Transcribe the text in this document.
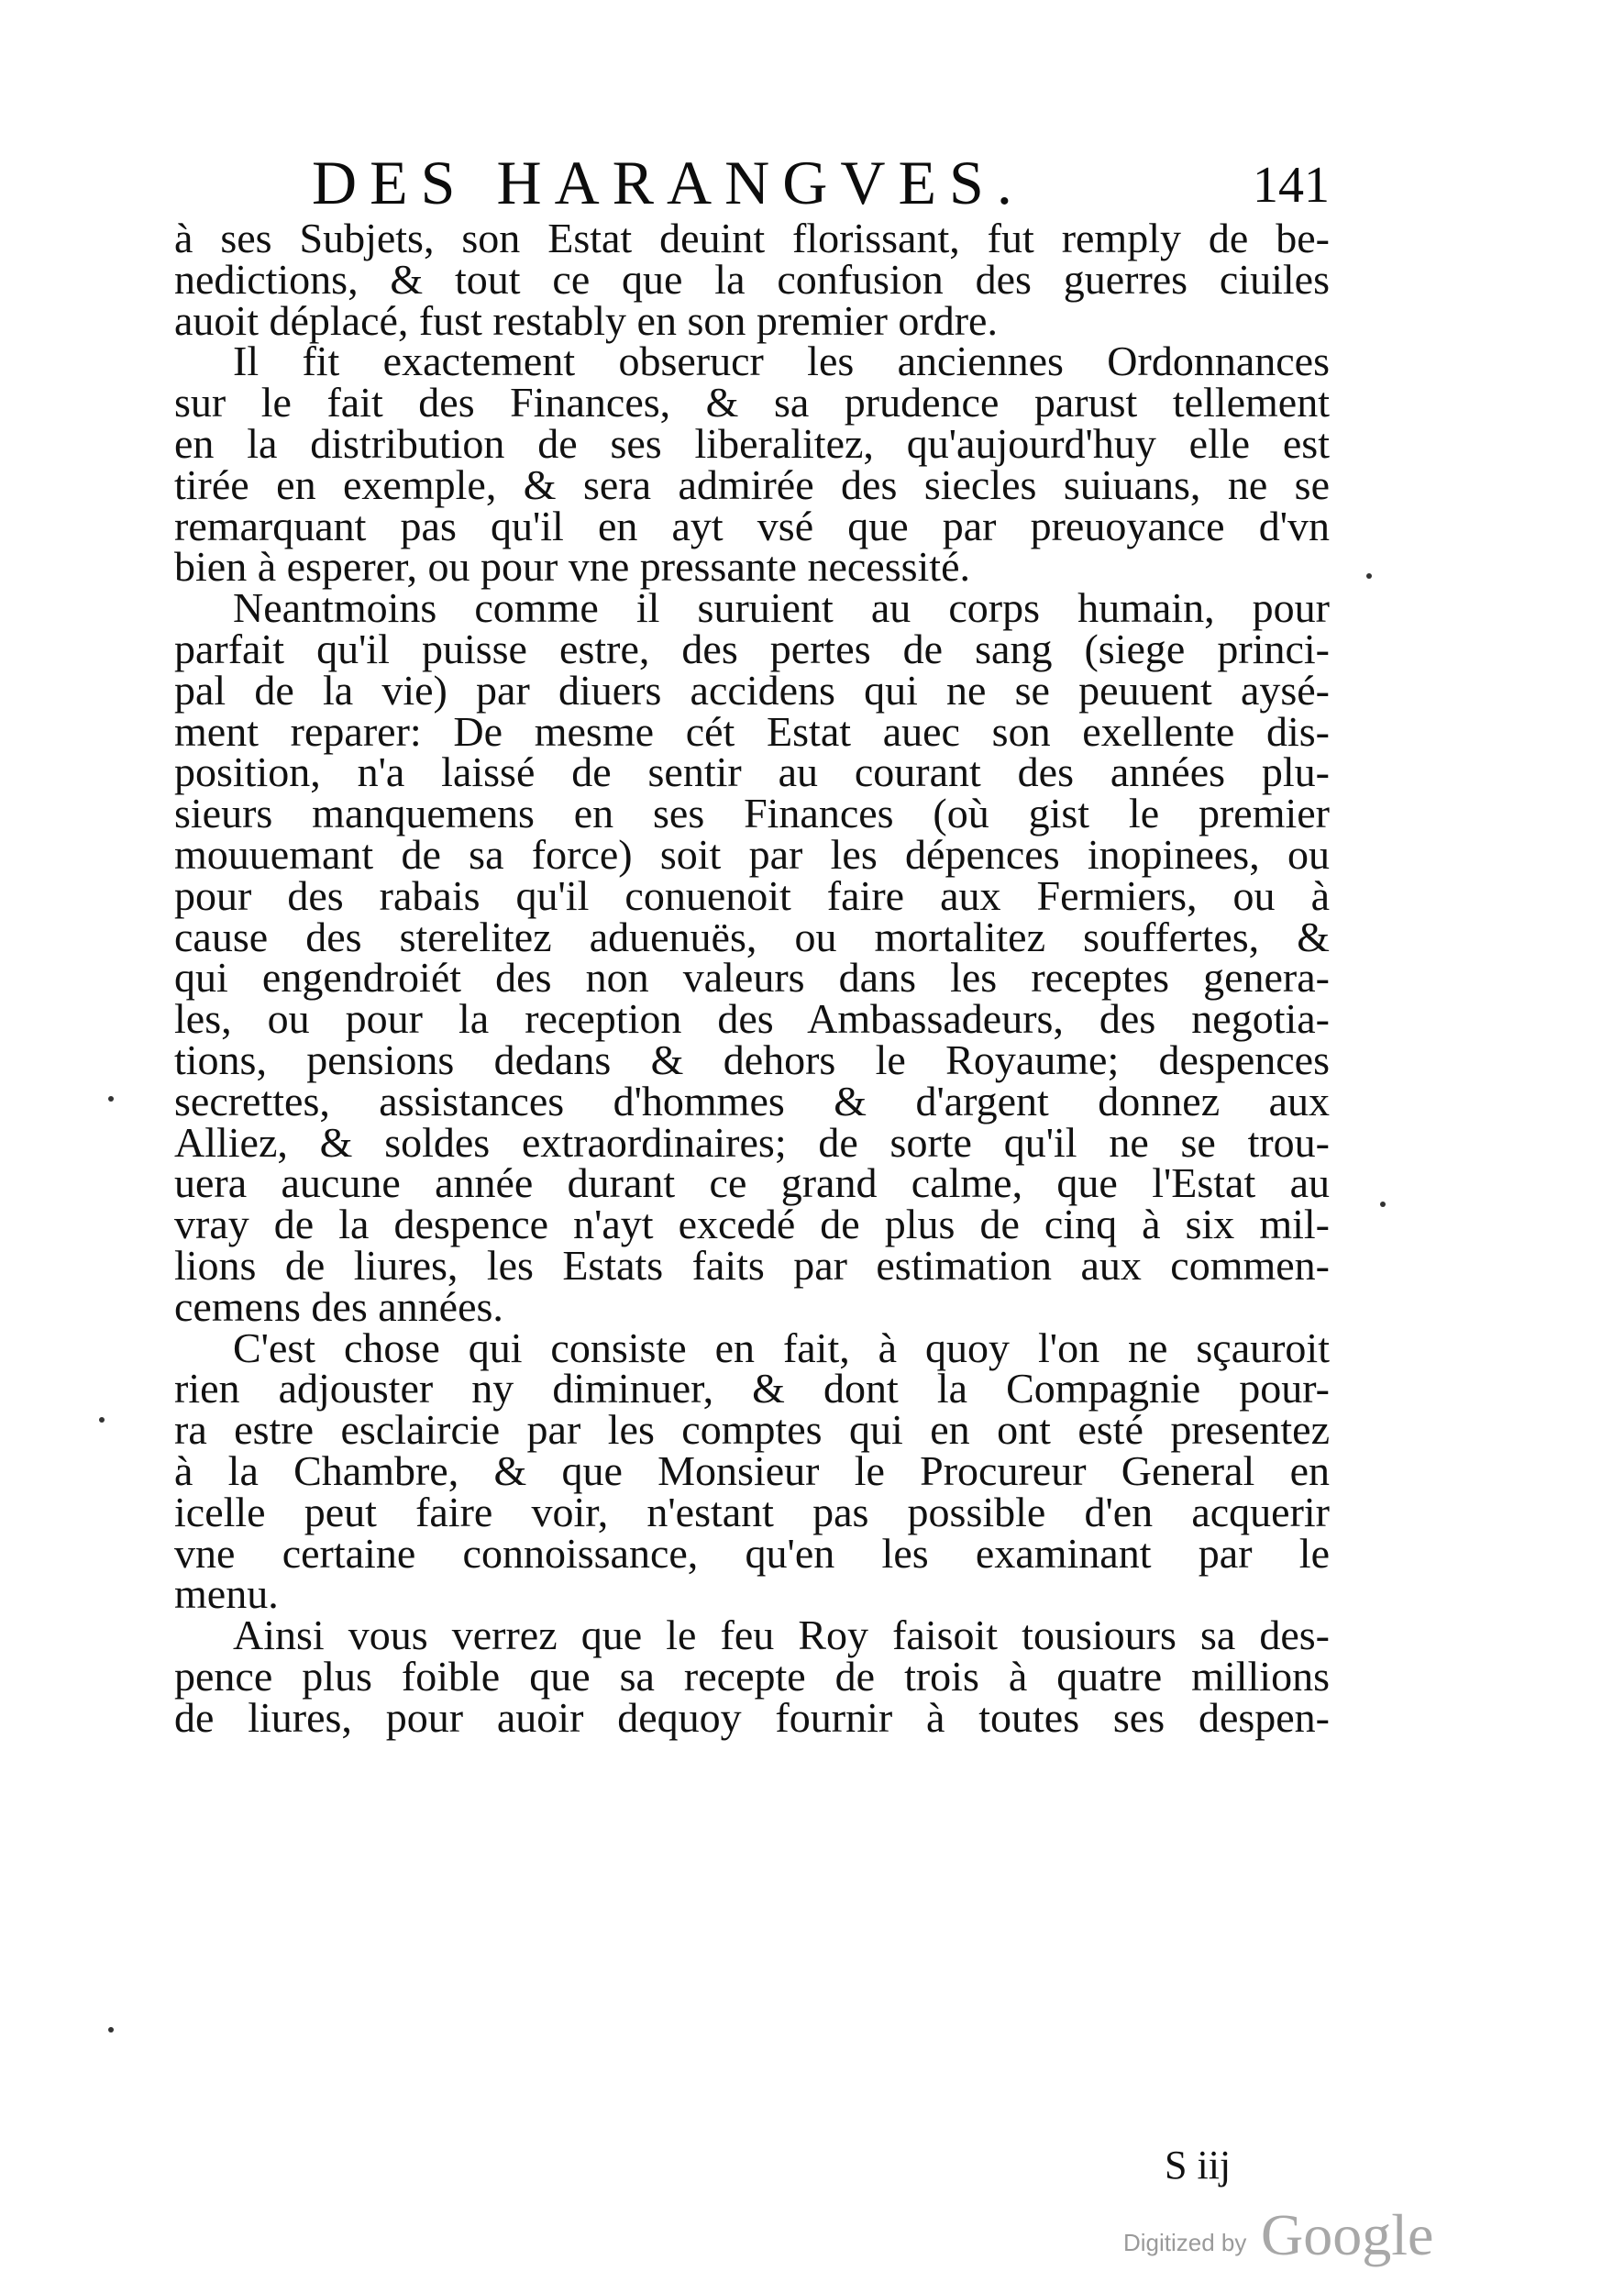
DES HARANGVES.	141
à ses Subjets, son Estat deuint florissant, fut remply de be-
nedictions, & tout ce que la confusion des guerres ciuiles
auoit déplacé, fust restably en son premier ordre.
Il fit exactement obserucr les anciennes Ordonnances
sur le fait des Finances, & sa prudence parust tellement
en la distribution de ses liberalitez, qu'aujourd'huy elle est
tirée en exemple, & sera admirée des siecles suiuans, ne se
remarquant pas qu'il en ayt vsé que par preuoyance d'vn
bien à esperer, ou pour vne pressante necessité.
Neantmoins comme il suruient au corps humain, pour
parfait qu'il puisse estre, des pertes de sang (siege princi-
pal de la vie) par diuers accidens qui ne se peuuent aysé-
ment reparer: De mesme cét Estat auec son exellente dis-
position, n'a laissé de sentir au courant des années plu-
sieurs manquemens en ses Finances (où gist le premier
mouuemant de sa force) soit par les dépences inopinees, ou
pour des rabais qu'il conuenoit faire aux Fermiers, ou à
cause des sterelitez aduenuës, ou mortalitez souffertes, &
qui engendroiét des non valeurs dans les receptes genera-
les, ou pour la reception des Ambassadeurs, des negotia-
tions, pensions dedans & dehors le Royaume; despences
secrettes, assistances d'hommes & d'argent donnez aux
Alliez, & soldes extraordinaires; de sorte qu'il ne se trou-
uera aucune année durant ce grand calme, que l'Estat au
vray de la despence n'ayt excedé de plus de cinq à six mil-
lions de liures, les Estats faits par estimation aux commen-
cemens des années.
C'est chose qui consiste en fait, à quoy l'on ne sçauroit
rien adjouster ny diminuer, & dont la Compagnie pour-
ra estre esclaircie par les comptes qui en ont esté presentez
à la Chambre, & que Monsieur le Procureur General en
icelle peut faire voir, n'estant pas possible d'en acquerir
vne certaine connoissance, qu'en les examinant par le
menu.
Ainsi vous verrez que le feu Roy faisoit tousiours sa des-
pence plus foible que sa recepte de trois à quatre millions
de liures, pour auoir dequoy fournir à toutes ses despen-
S iij
Digitized by Google
